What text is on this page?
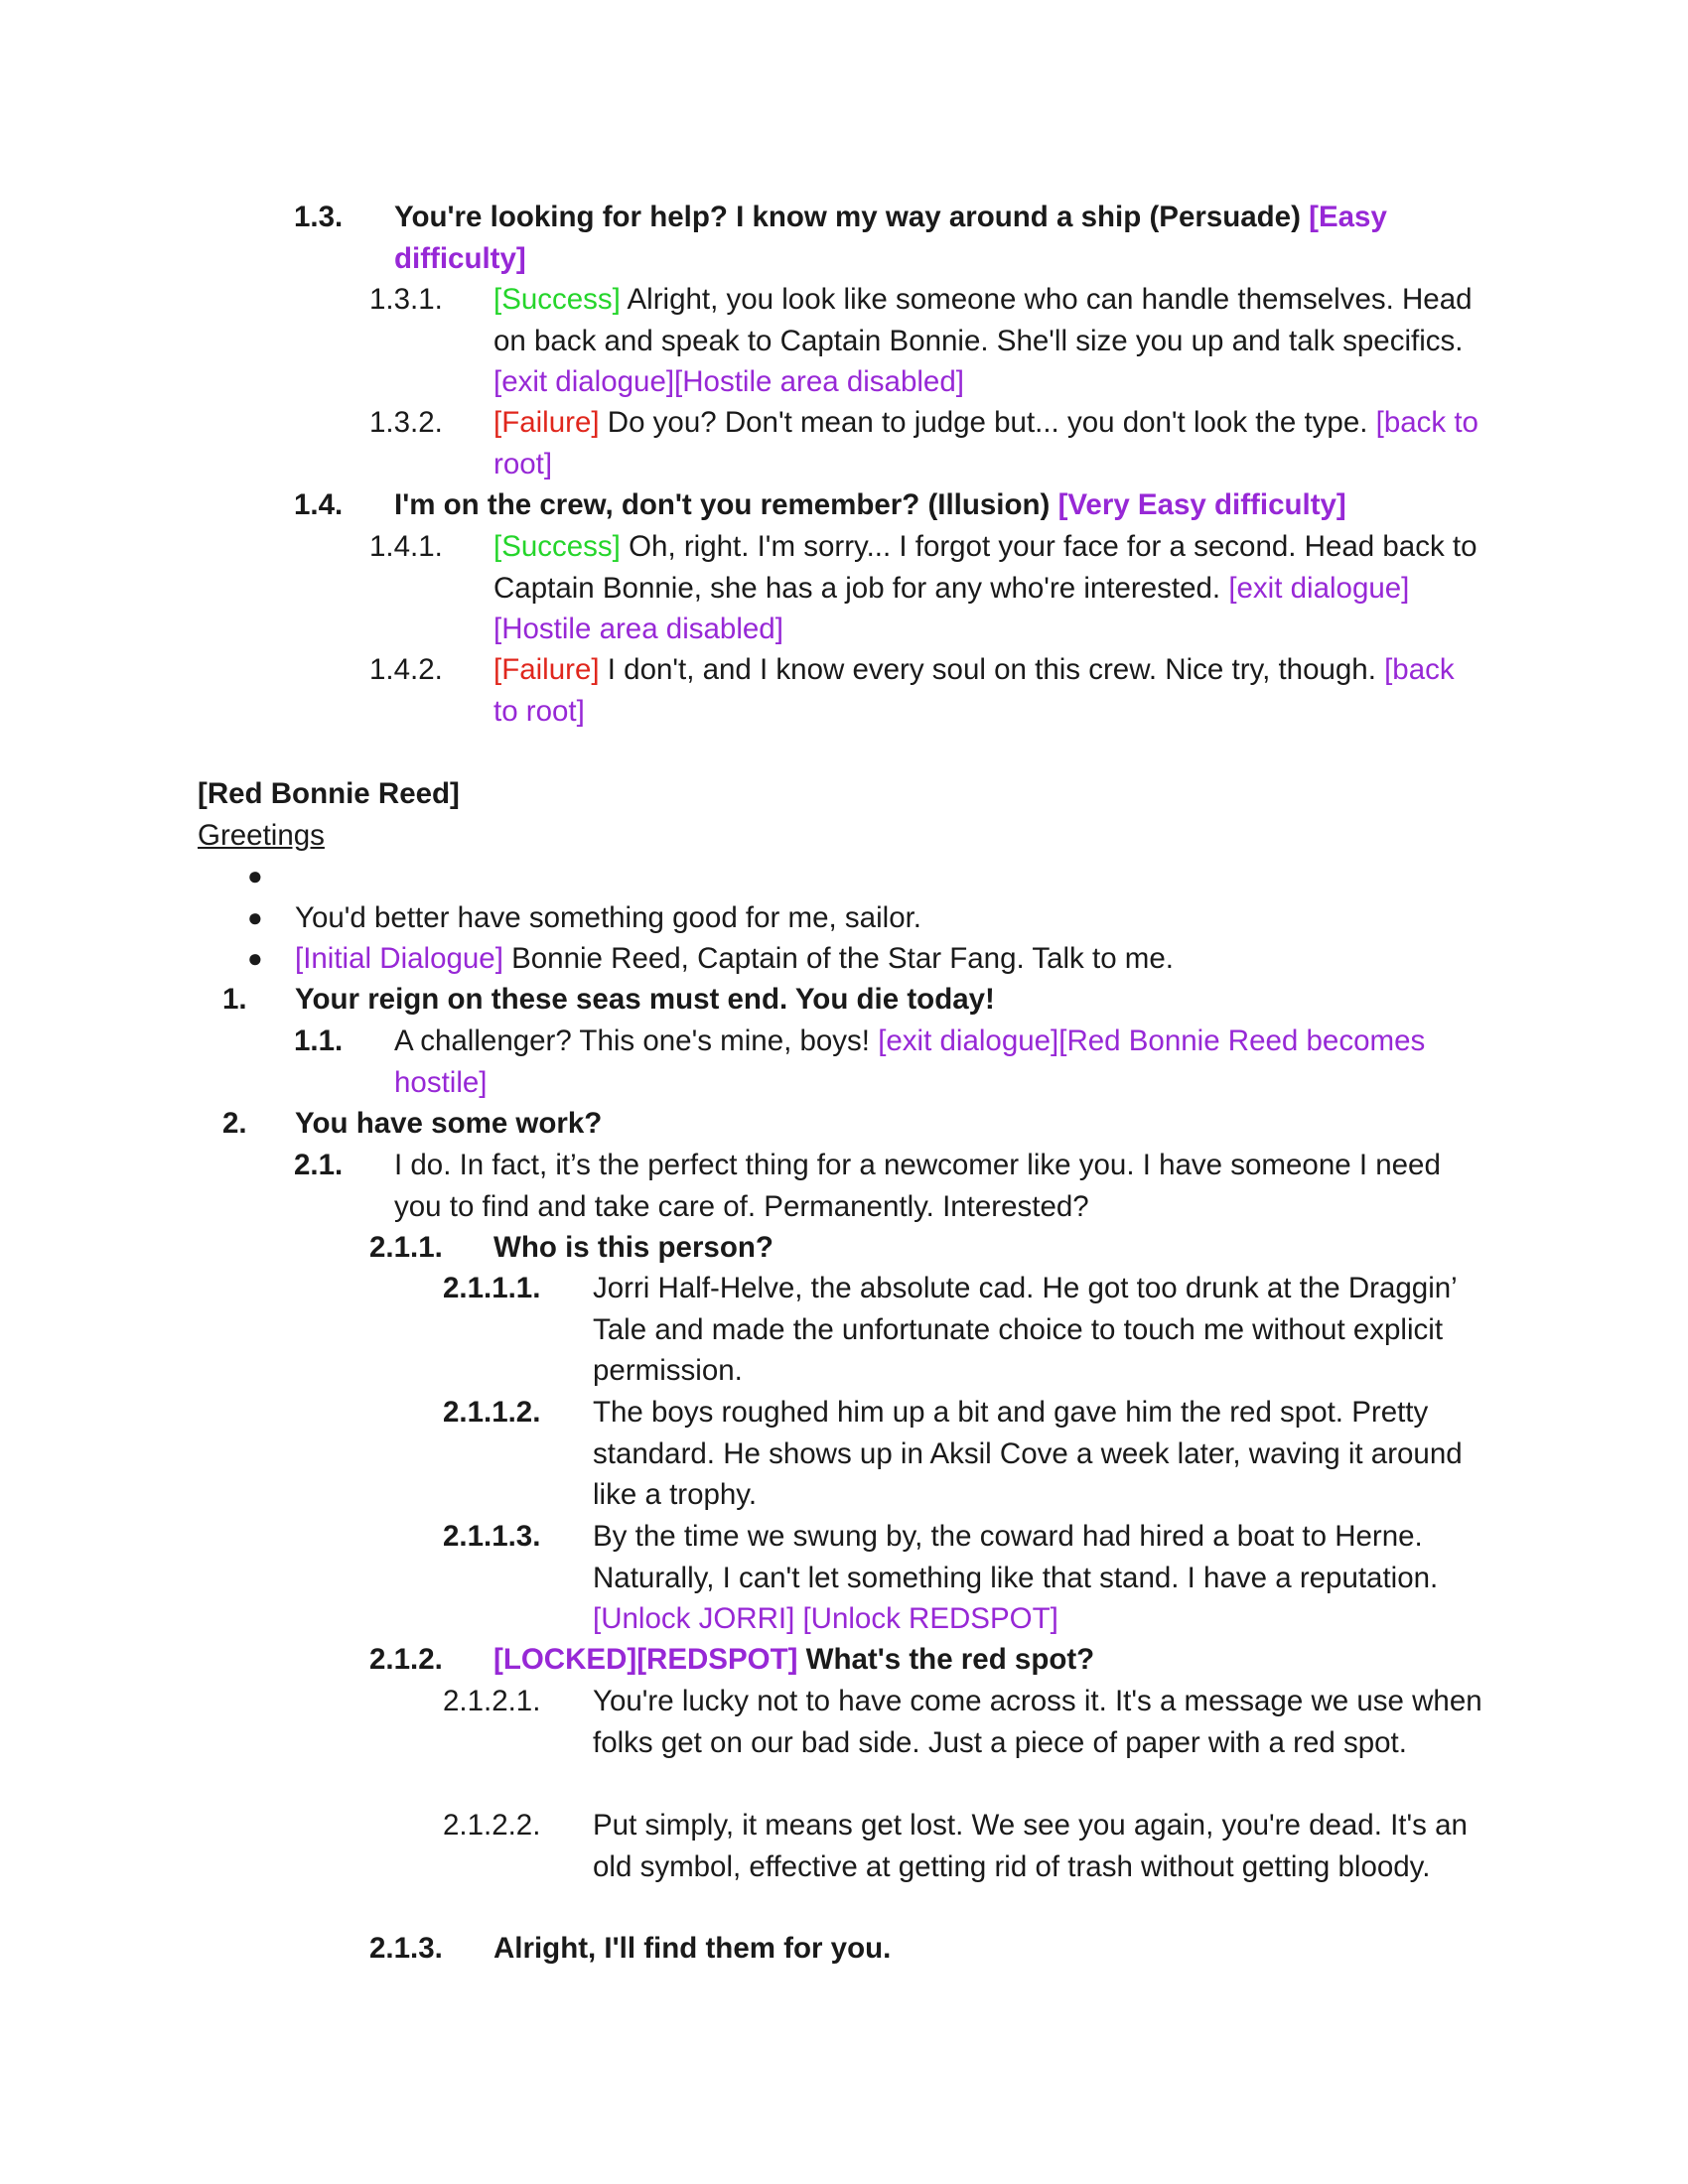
1.3. You're looking for help? I know my way around a ship (Persuade) [Easy difficulty]
1.3.1. [Success] Alright, you look like someone who can handle themselves. Head on back and speak to Captain Bonnie. She'll size you up and talk specifics. [exit dialogue][Hostile area disabled]
1.3.2. [Failure] Do you? Don't mean to judge but... you don't look the type. [back to root]
1.4. I'm on the crew, don't you remember? (Illusion) [Very Easy difficulty]
1.4.1. [Success] Oh, right. I'm sorry... I forgot your face for a second. Head back to Captain Bonnie, she has a job for any who're interested. [exit dialogue][Hostile area disabled]
1.4.2. [Failure] I don't, and I know every soul on this crew. Nice try, though. [back to root]
[Red Bonnie Reed]
Greetings
●
● You'd better have something good for me, sailor.
● [Initial Dialogue] Bonnie Reed, Captain of the Star Fang. Talk to me.
1. Your reign on these seas must end. You die today!
1.1. A challenger? This one's mine, boys! [exit dialogue][Red Bonnie Reed becomes hostile]
2. You have some work?
2.1. I do. In fact, it’s the perfect thing for a newcomer like you. I have someone I need you to find and take care of. Permanently. Interested?
2.1.1. Who is this person?
2.1.1.1. Jorri Half-Helve, the absolute cad. He got too drunk at the Draggin’ Tale and made the unfortunate choice to touch me without explicit permission.
2.1.1.2. The boys roughed him up a bit and gave him the red spot. Pretty standard. He shows up in Aksil Cove a week later, waving it around like a trophy.
2.1.1.3. By the time we swung by, the coward had hired a boat to Herne. Naturally, I can't let something like that stand. I have a reputation. [Unlock JORRI] [Unlock REDSPOT]
2.1.2. [LOCKED][REDSPOT] What's the red spot?
2.1.2.1. You're lucky not to have come across it. It's a message we use when folks get on our bad side. Just a piece of paper with a red spot.
2.1.2.2. Put simply, it means get lost. We see you again, you're dead. It's an old symbol, effective at getting rid of trash without getting bloody.
2.1.3. Alright, I'll find them for you.
